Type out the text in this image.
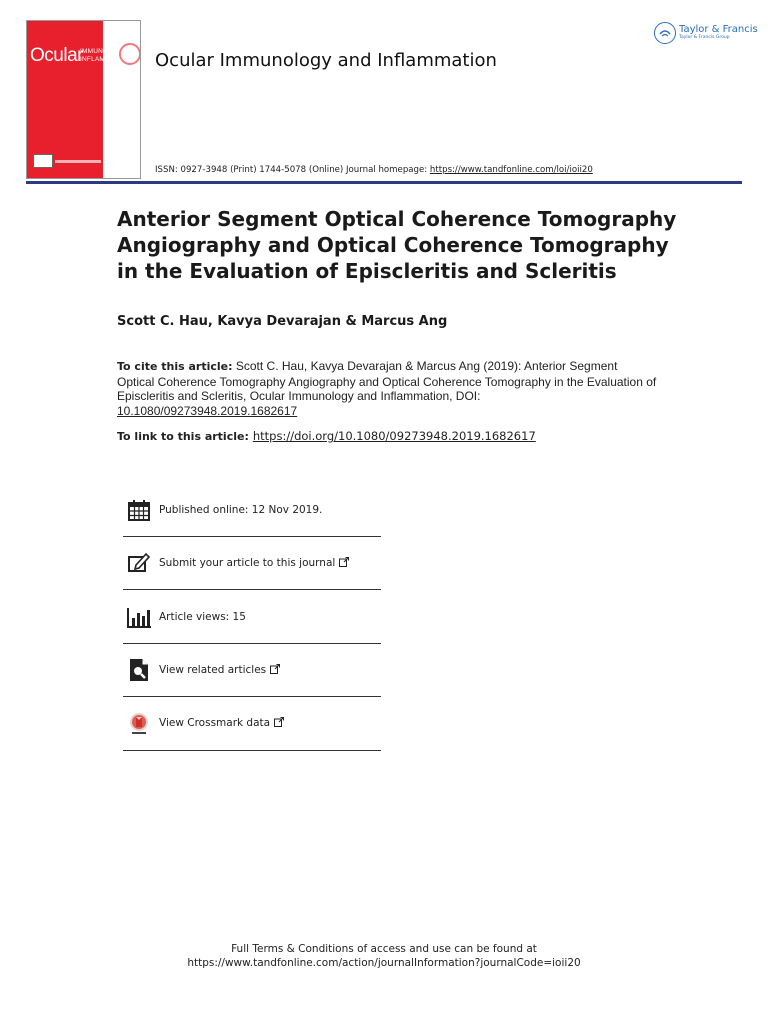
Ocular
IMMUNOLOGY
INFLAMMATION Ocular Immunology and Inflammation
Taylor & Francis
Taylor & Francis Group
ISSN: 0927-3948 (Print) 1744-5078 (Online) Journal homepage: https://www.tandfonline.com/loi/ioii20
Anterior Segment Optical Coherence Tomography
Angiography and Optical Coherence Tomography
in the Evaluation of Episcleritis and Scleritis
Scott C. Hau, Kavya Devarajan & Marcus Ang
To cite this article: Scott C. Hau, Kavya Devarajan & Marcus Ang (2019): Anterior Segment Optical Coherence Tomography Angiography and Optical Coherence Tomography in the Evaluation of Episcleritis and Scleritis, Ocular Immunology and Inflammation, DOI: 10.1080/09273948.2019.1682617
To link to this article: https://doi.org/10.1080/09273948.2019.1682617
Published online: 12 Nov 2019.
Submit your article to this journal
Article views: 15
View related articles
View Crossmark data
Full Terms & Conditions of access and use can be found at
https://www.tandfonline.com/action/journalInformation?journalCode=ioii20
